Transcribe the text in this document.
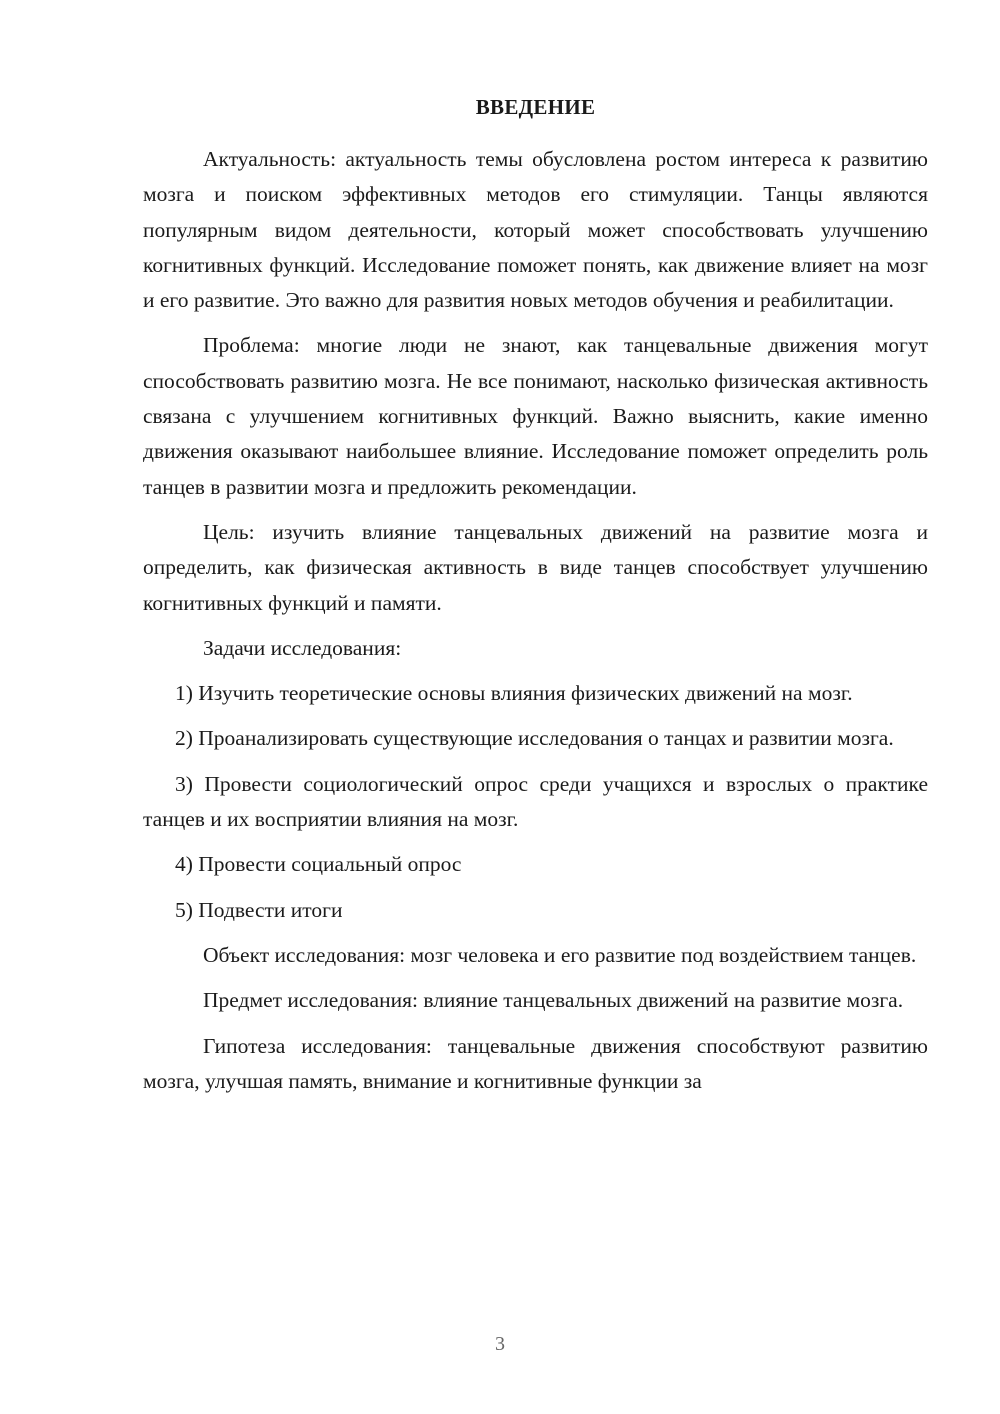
ВВЕДЕНИЕ

Актуальность: актуальность темы обусловлена ростом интереса к развитию мозга и поиском эффективных методов его стимуляции. Танцы являются популярным видом деятельности, который может способствовать улучшению когнитивных функций. Исследование поможет понять, как движение влияет на мозг и его развитие. Это важно для развития новых методов обучения и реабилитации.

Проблема: многие люди не знают, как танцевальные движения могут способствовать развитию мозга. Не все понимают, насколько физическая активность связана с улучшением когнитивных функций. Важно выяснить, какие именно движения оказывают наибольшее влияние. Исследование поможет определить роль танцев в развитии мозга и предложить рекомендации.

Цель: изучить влияние танцевальных движений на развитие мозга и определить, как физическая активность в виде танцев способствует улучшению когнитивных функций и памяти.

Задачи исследования:

1) Изучить теоретические основы влияния физических движений на мозг.

2) Проанализировать существующие исследования о танцах и развитии мозга.

3) Провести социологический опрос среди учащихся и взрослых о практике танцев и их восприятии влияния на мозг.

4) Провести социальный опрос

5) Подвести итоги

Объект исследования: мозг человека и его развитие под воздействием танцев.

Предмет исследования: влияние танцевальных движений на развитие мозга.

Гипотеза исследования: танцевальные движения способствуют развитию мозга, улучшая память, внимание и когнитивные функции за

3
